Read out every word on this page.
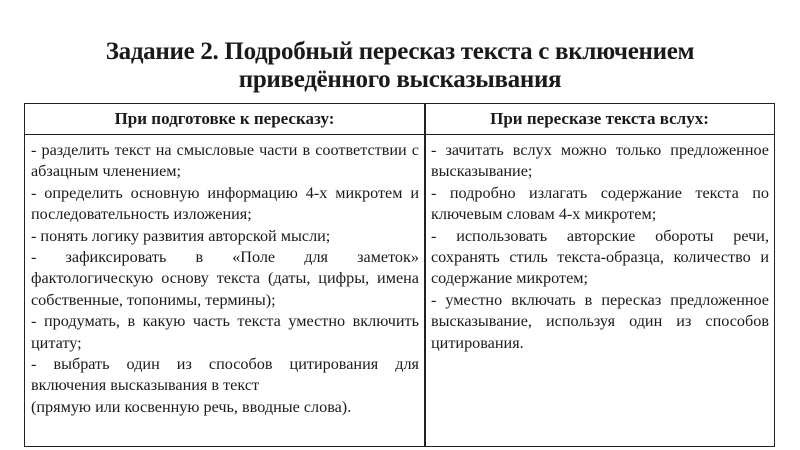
Задание 2. Подробный пересказ текста с включением
приведённого высказывания
При подготовке к пересказу:	При пересказе текста вслух:

- разделить текст на смысловые части в соответствии с абзацным членением;

- определить основную информацию 4-х микротем и последовательность изложения;

- понять логику развития авторской мысли;

- зафиксировать в «Поле для заметок» фактологическую основу текста (даты, цифры, имена собственные, топонимы, термины);

- продумать, в какую часть текста уместно включить цитату;

- выбрать один из способов цитирования для включения высказывания в текст

(прямую или косвенную речь, вводные слова).

- зачитать вслух можно только предложенное высказывание;

- подробно излагать содержание текста по ключевым словам 4-х микротем;

- использовать авторские обороты речи, сохранять стиль текста-образца, количество и содержание микротем;

- уместно включать в пересказ предложенное высказывание, используя один из способов цитирования.
